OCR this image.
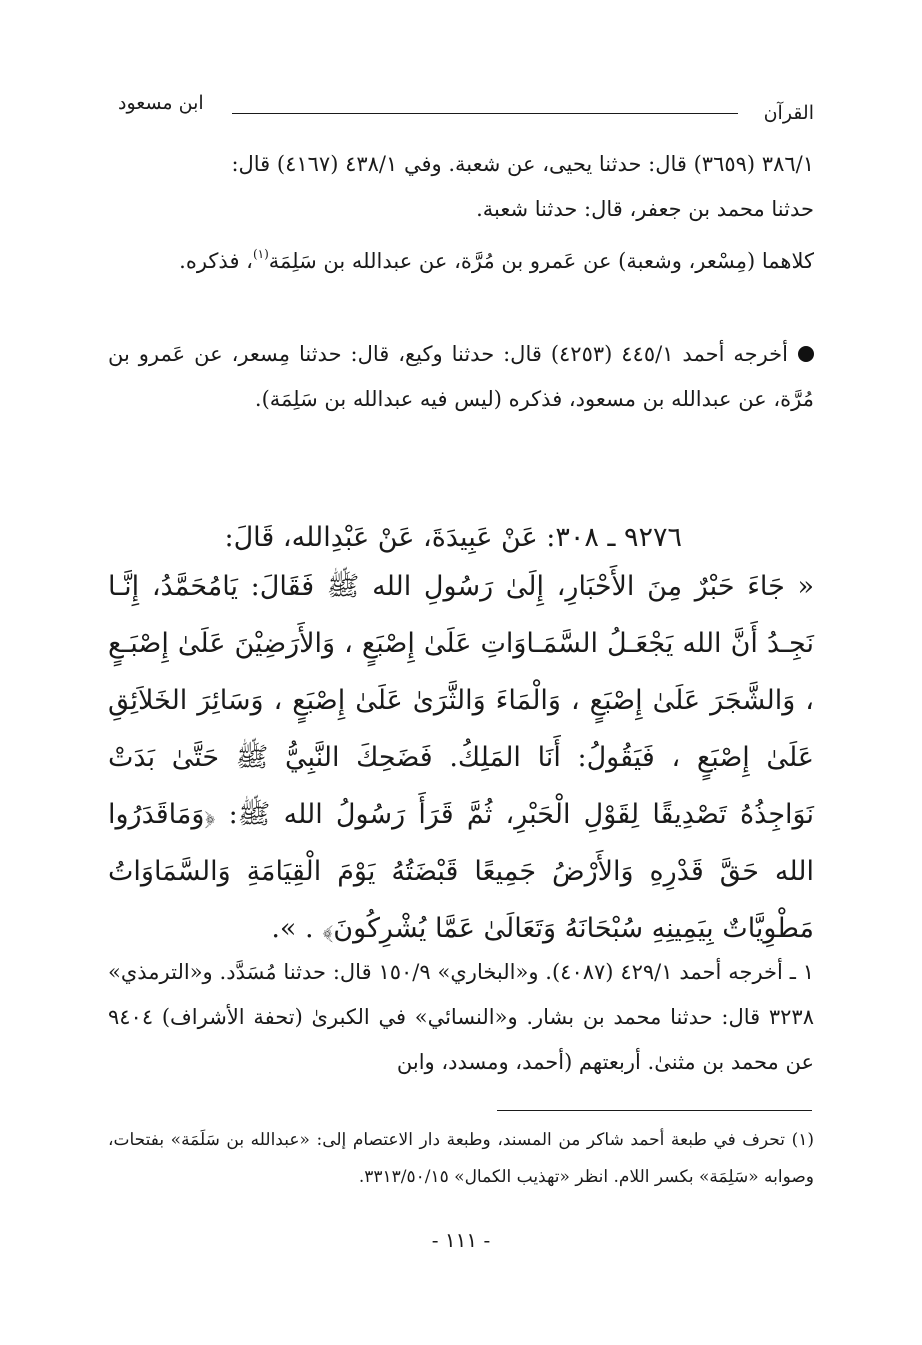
القرآن
ابن مسعود

٣٨٦/١ (٣٦٥٩) قال: حدثنا يحيى، عن شعبة. وفي ٤٣٨/١ (٤١٦٧) قال:

حدثنا محمد بن جعفر، قال: حدثنا شعبة.

كلاهما (مِسْعر، وشعبة) عن عَمرو بن مُرَّة، عن عبدالله بن سَلِمَة$^{(١)}$، فذكره.

أخرجه أحمد ٤٤٥/١ (٤٢٥٣) قال: حدثنا وكيع، قال: حدثنا مِسعر، عن عَمرو بن مُرَّة، عن عبدالله بن مسعود، فذكره (ليس فيه عبدالله بن سَلِمَة).

٩٢٧٦ ـ ٣٠٨: عَنْ عَبِيدَةَ، عَنْ عَبْدِالله، قَالَ:

« جَاءَ حَبْرٌ مِنَ الأَحْبَارِ، إِلَىٰ رَسُولِ الله ﷺ فَقَالَ: يَامُحَمَّدُ، إِنَّـا نَجِـدُ أَنَّ الله يَجْعَـلُ السَّمَـاوَاتِ عَلَىٰ إِصْبَعٍ ، وَالأَرَضِيْنَ عَلَىٰ إِصْبَـعٍ ، وَالشَّجَرَ عَلَىٰ إِصْبَعٍ ، وَالْمَاءَ وَالثَّرَىٰ عَلَىٰ إِصْبَعٍ ، وَسَائِرَ الخَلاَئِقِ عَلَىٰ إِصْبَعٍ ، فَيَقُولُ: أَنَا المَلِكُ. فَضَحِكَ النَّبِيُّ ﷺ حَتَّىٰ بَدَتْ نَوَاجِذُهُ تَصْدِيقًا لِقَوْلِ الْحَبْرِ، ثُمَّ قَرَأَ رَسُولُ الله ﷺ: ﴿وَمَاقَدَرُوا الله حَقَّ قَدْرِهِ وَالأَرْضُ جَمِيعًا قَبْضَتُهُ يَوْمَ الْقِيَامَةِ وَالسَّمَاوَاتُ مَطْوِيَّاتٌ بِيَمِينِهِ سُبْحَانَهُ وَتَعَالَىٰ عَمَّا يُشْرِكُونَ﴾ . ».

١ ـ أخرجه أحمد ٤٢٩/١ (٤٠٨٧). و«البخاري» ١٥٠/٩ قال: حدثنا مُسَدَّد. و«الترمذي» ٣٢٣٨ قال: حدثنا محمد بن بشار. و«النسائي» في الكبرىٰ (تحفة الأشراف) ٩٤٠٤ عن محمد بن مثنىٰ. أربعتهم (أحمد، ومسدد، وابن

(١) تحرف في طبعة أحمد شاكر من المسند، وطبعة دار الاعتصام إلى: «عبدالله بن سَلَمَة» بفتحات، وصوابه «سَلِمَة» بكسر اللام. انظر «تهذيب الكمال» ٣٣١٣/٥٠/١٥.

- ١١١ -
